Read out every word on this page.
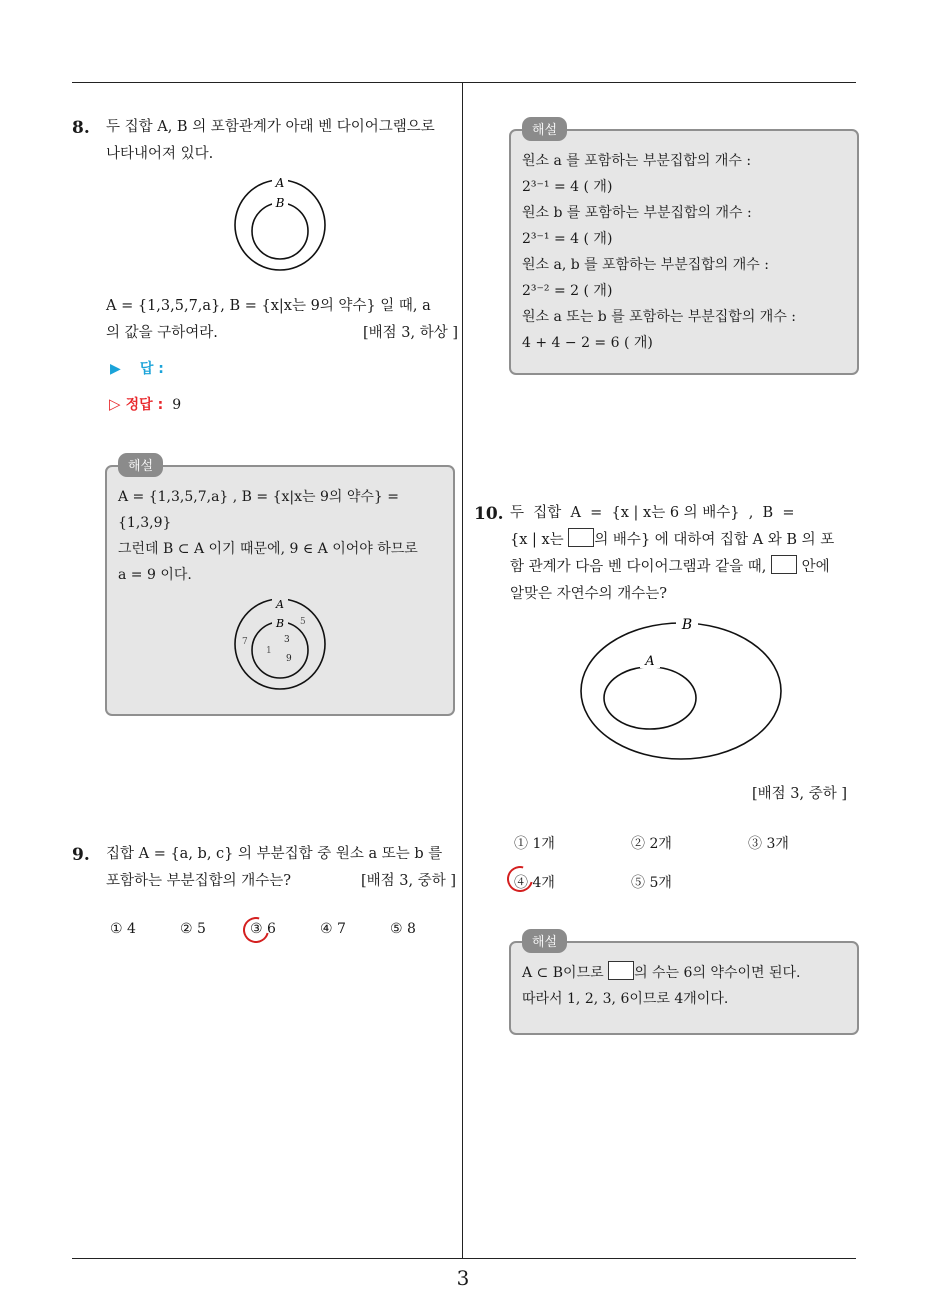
8. 두 집합 A, B 의 포함관계가 아래 벤 다이어그램으로
나타내어져 있다.
A
B
A = {1,3,5,7,a}, B = {x|x는 9의 약수} 일 때, a
의 값을 구하여라.	[배점 3, 하상 ]
▶ 답 :
▷ 정답 : 9
해설
A = {1,3,5,7,a} , B = {x|x는 9의 약수} =
{1,3,9}
그런데 B ⊂ A 이기 때문에, 9 ∈ A 이어야 하므로
a = 9 이다.
A
B 5
7	3
1
9
9. 집합 A = {a, b, c} 의 부분집합 중 원소 a 또는 b 를
포함하는 부분집합의 개수는?	[배점 3, 중하 ]
① 4	② 5	③ 6	④ 7	⑤ 8
해설
원소 a 를 포함하는 부분집합의 개수 :
2³⁻¹ = 4 ( 개)
원소 b 를 포함하는 부분집합의 개수 :
2³⁻¹ = 4 ( 개)
원소 a, b 를 포함하는 부분집합의 개수 :
2³⁻² = 2 ( 개)
원소 a 또는 b 를 포함하는 부분집합의 개수 :
4 + 4 − 2 = 6 ( 개)
10. 두  집합  A  =  {x | x는 6 의 배수}  ,  B  =
{x | x는 의 배수} 에 대하여 집합 A 와 B 의 포
함 관계가 다음 벤 다이어그램과 같을 때,  안에
알맞은 자연수의 개수는?
B
A
[배점 3, 중하 ]
① 1개	② 2개	③ 3개
④ 4개	⑤ 5개
해설
A ⊂ B이므로 의 수는 6의 약수이면 된다.
따라서 1, 2, 3, 6이므로 4개이다.
3
